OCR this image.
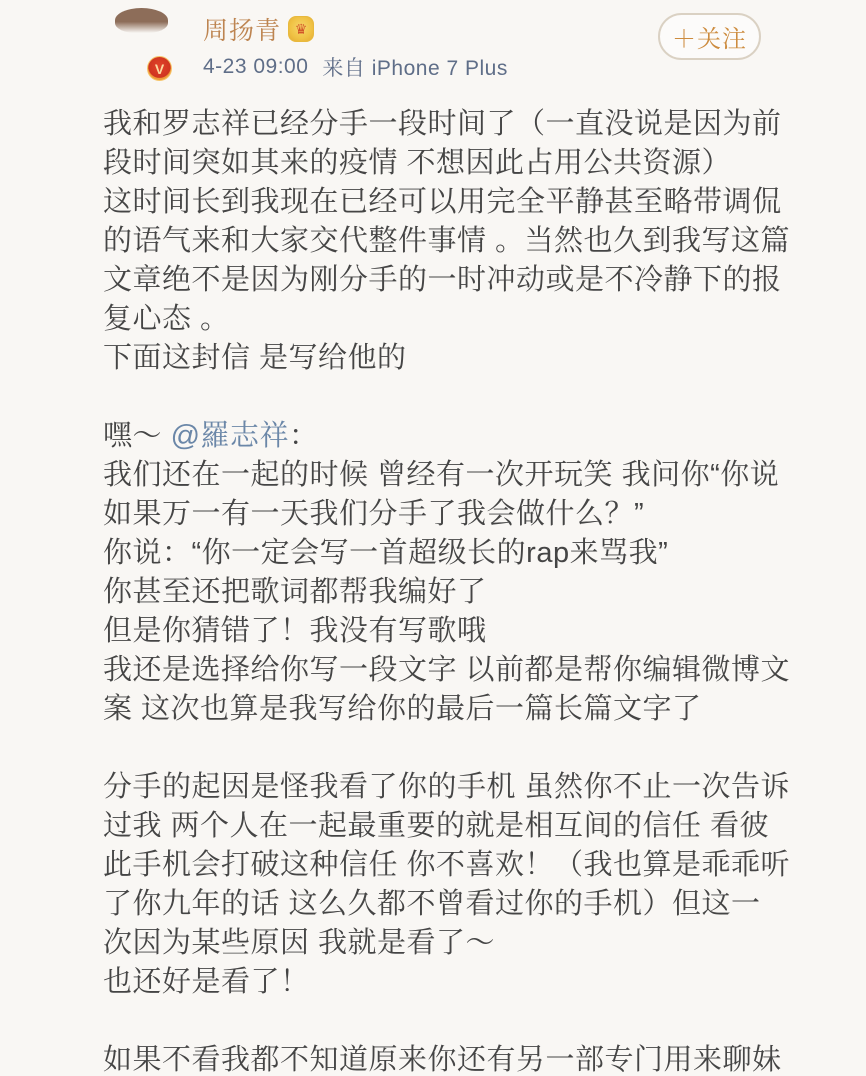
V
周扬青 ♛
4-23 09:00 来自 iPhone 7 Plus
＋关注
我和罗志祥已经分手一段时间了（一直没说是因为前
段时间突如其来的疫情 不想因此占用公共资源）
这时间长到我现在已经可以用完全平静甚至略带调侃
的语气来和大家交代整件事情 。当然也久到我写这篇
文章绝不是因为刚分手的一时冲动或是不冷静下的报
复心态 。
下面这封信 是写给他的
嘿～ @羅志祥：
我们还在一起的时候 曾经有一次开玩笑 我问你“你说
如果万一有一天我们分手了我会做什么？”
你说：“你一定会写一首超级长的rap来骂我”
你甚至还把歌词都帮我编好了
但是你猜错了！我没有写歌哦
我还是选择给你写一段文字 以前都是帮你编辑微博文
案 这次也算是我写给你的最后一篇长篇文字了
分手的起因是怪我看了你的手机 虽然你不止一次告诉
过我 两个人在一起最重要的就是相互间的信任 看彼
此手机会打破这种信任 你不喜欢！（我也算是乖乖听
了你九年的话 这么久都不曾看过你的手机）但这一
次因为某些原因 我就是看了～
也还好是看了！
如果不看我都不知道原来你还有另一部专门用来聊妹
